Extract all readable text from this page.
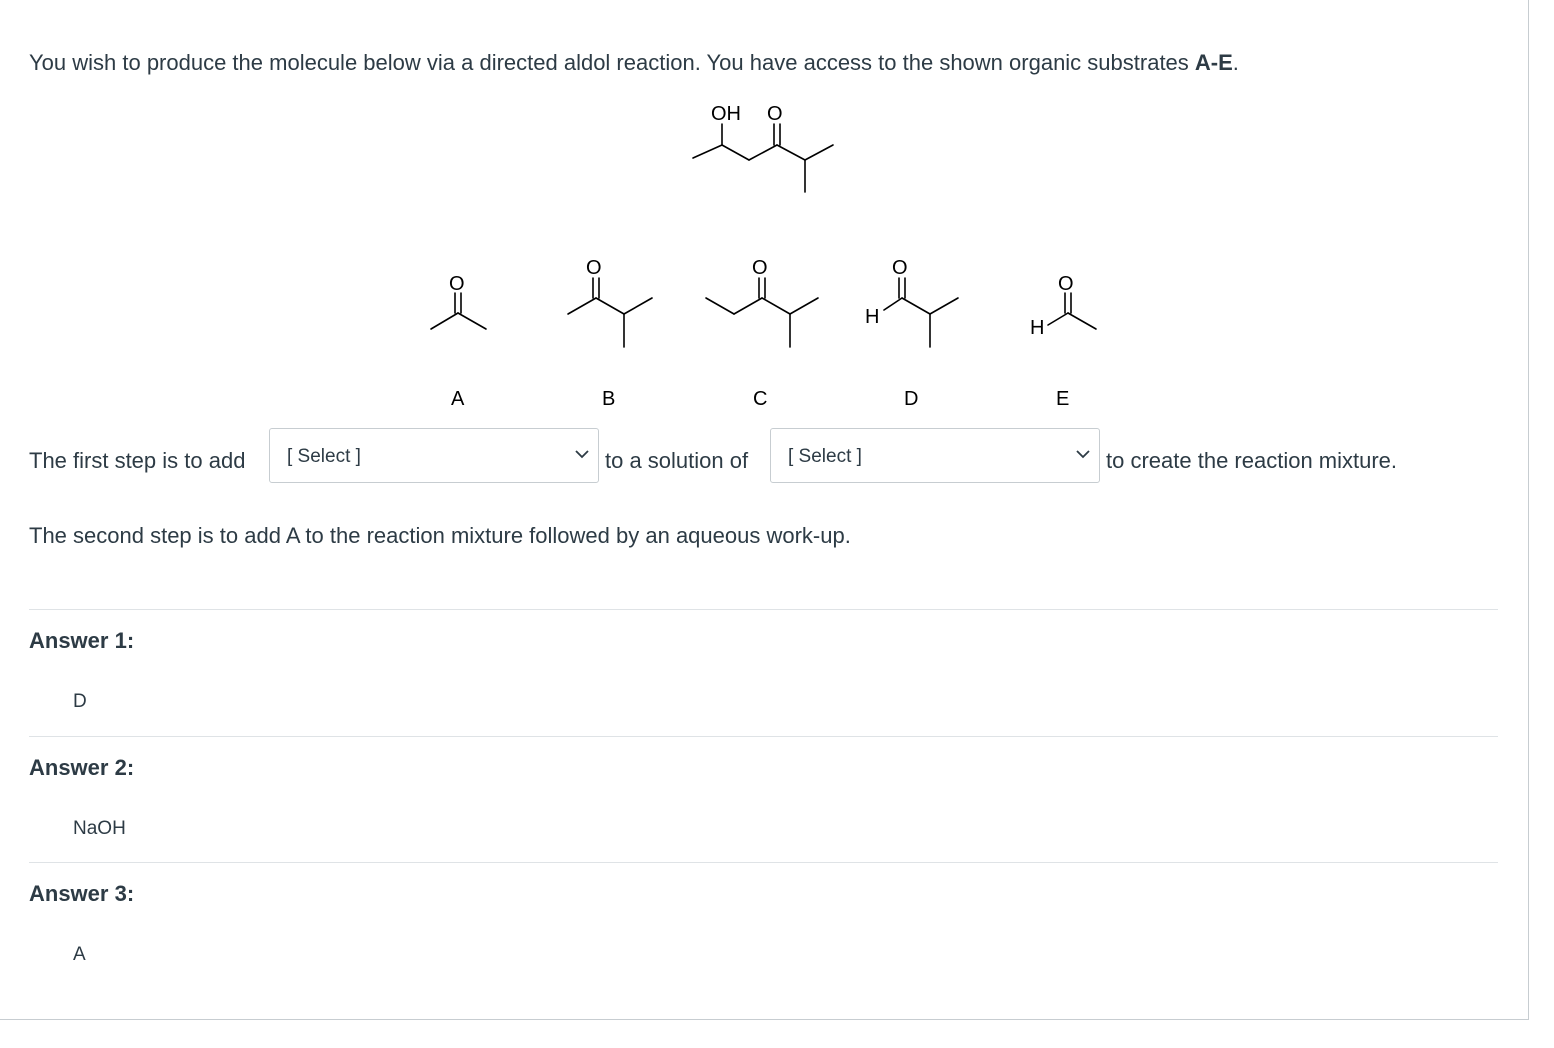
You wish to produce the molecule below via a directed aldol reaction. You have access to the shown organic substrates A-E.
OH O
O
O	O	O
H
O
H
A	B	C	D	E
The first step is to add [ Select ]	to a solution of [ Select ]	to create the reaction mixture.
The second step is to add A to the reaction mixture followed by an aqueous work-up.
Answer 1:
D
Answer 2:
NaOH
Answer 3:
A
